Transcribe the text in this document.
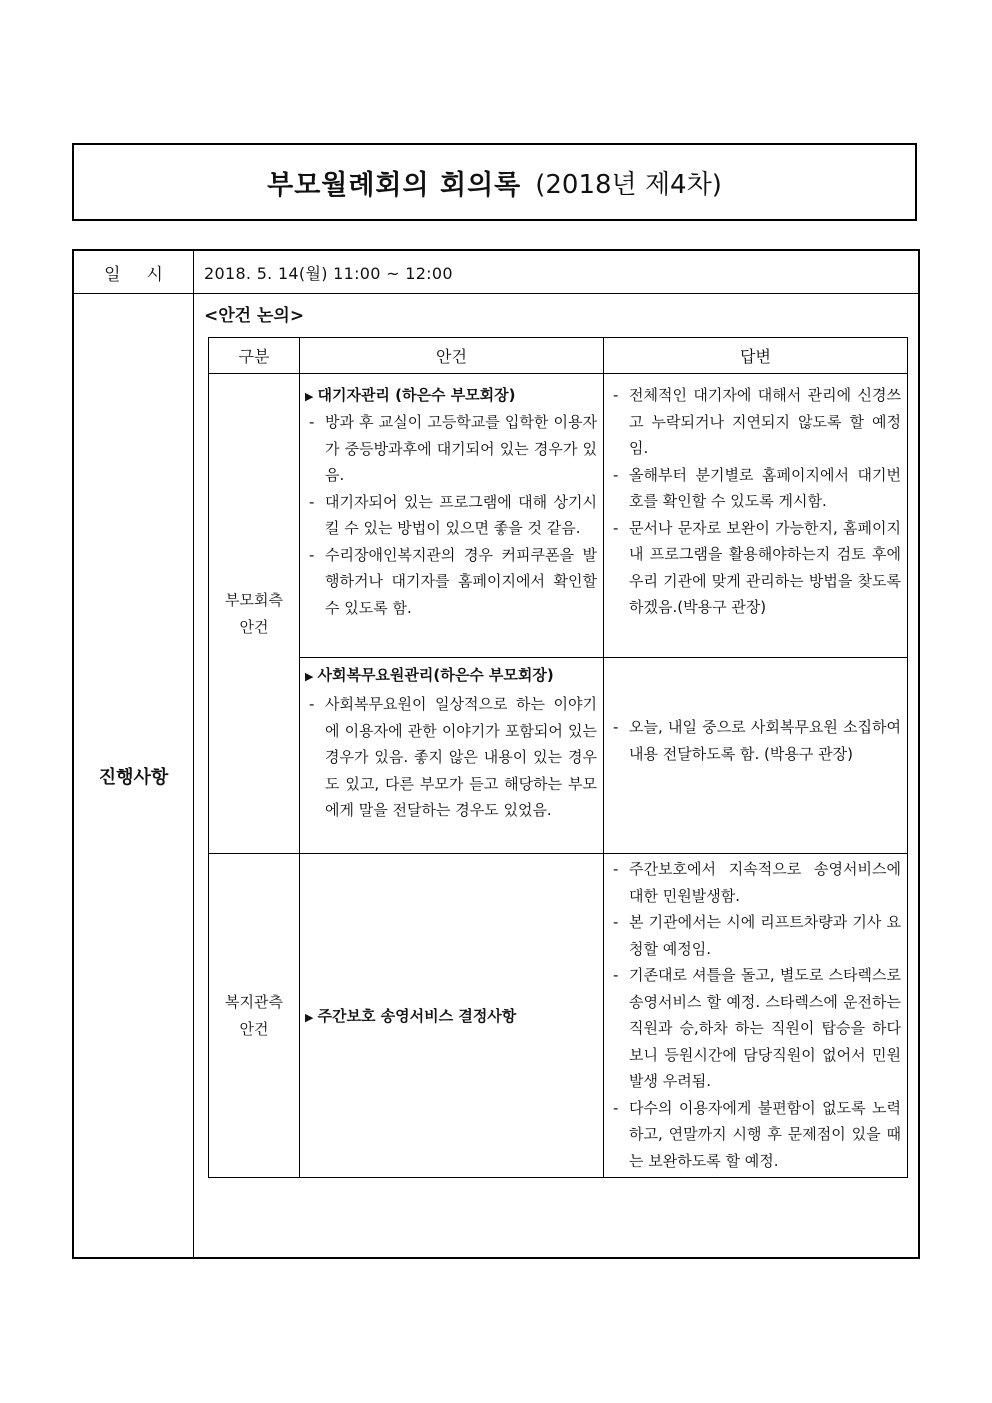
부모월례회의 회의록 (2018년 제4차)
일시 2018. 5. 14(월) 11:00 ~ 12:00
진행사항
<안건 논의>
구분	안건	답변
부모회측
안건
▶ 대기자관리 (하은수 부모회장)
- 방과 후 교실이 고등학교를 입학한 이용자가 중등방과후에 대기되어 있는 경우가 있음.
- 대기자되어 있는 프로그램에 대해 상기시킬 수 있는 방법이 있으면 좋을 것 같음.
- 수리장애인복지관의 경우 커피쿠폰을 발행하거나 대기자를 홈페이지에서 확인할 수 있도록 함.
- 전체적인 대기자에 대해서 관리에 신경쓰고 누락되거나 지연되지 않도록 할 예정임.
- 올해부터 분기별로 홈페이지에서 대기번호를 확인할 수 있도록 게시함.
- 문서나 문자로 보완이 가능한지, 홈페이지 내 프로그램을 활용해야하는지 검토 후에 우리 기관에 맞게 관리하는 방법을 찾도록 하겠음.(박용구 관장)
▶ 사회복무요원관리(하은수 부모회장)
- 사회복무요원이 일상적으로 하는 이야기에 이용자에 관한 이야기가 포함되어 있는 경우가 있음. 좋지 않은 내용이 있는 경우도 있고, 다른 부모가 듣고 해당하는 부모에게 말을 전달하는 경우도 있었음.
- 오늘, 내일 중으로 사회복무요원 소집하여 내용 전달하도록 함. (박용구 관장)
복지관측
안건
▶ 주간보호 송영서비스 결정사항
- 주간보호에서 지속적으로 송영서비스에 대한 민원발생함.
- 본 기관에서는 시에 리프트차량과 기사 요청할 예정임.
- 기존대로 셔틀을 돌고, 별도로 스타렉스로 송영서비스 할 예정. 스타렉스에 운전하는 직원과 승,하차 하는 직원이 탑승을 하다보니 등원시간에 담당직원이 없어서 민원발생 우려됨.
- 다수의 이용자에게 불편함이 없도록 노력하고, 연말까지 시행 후 문제점이 있을 때는 보완하도록 할 예정.
